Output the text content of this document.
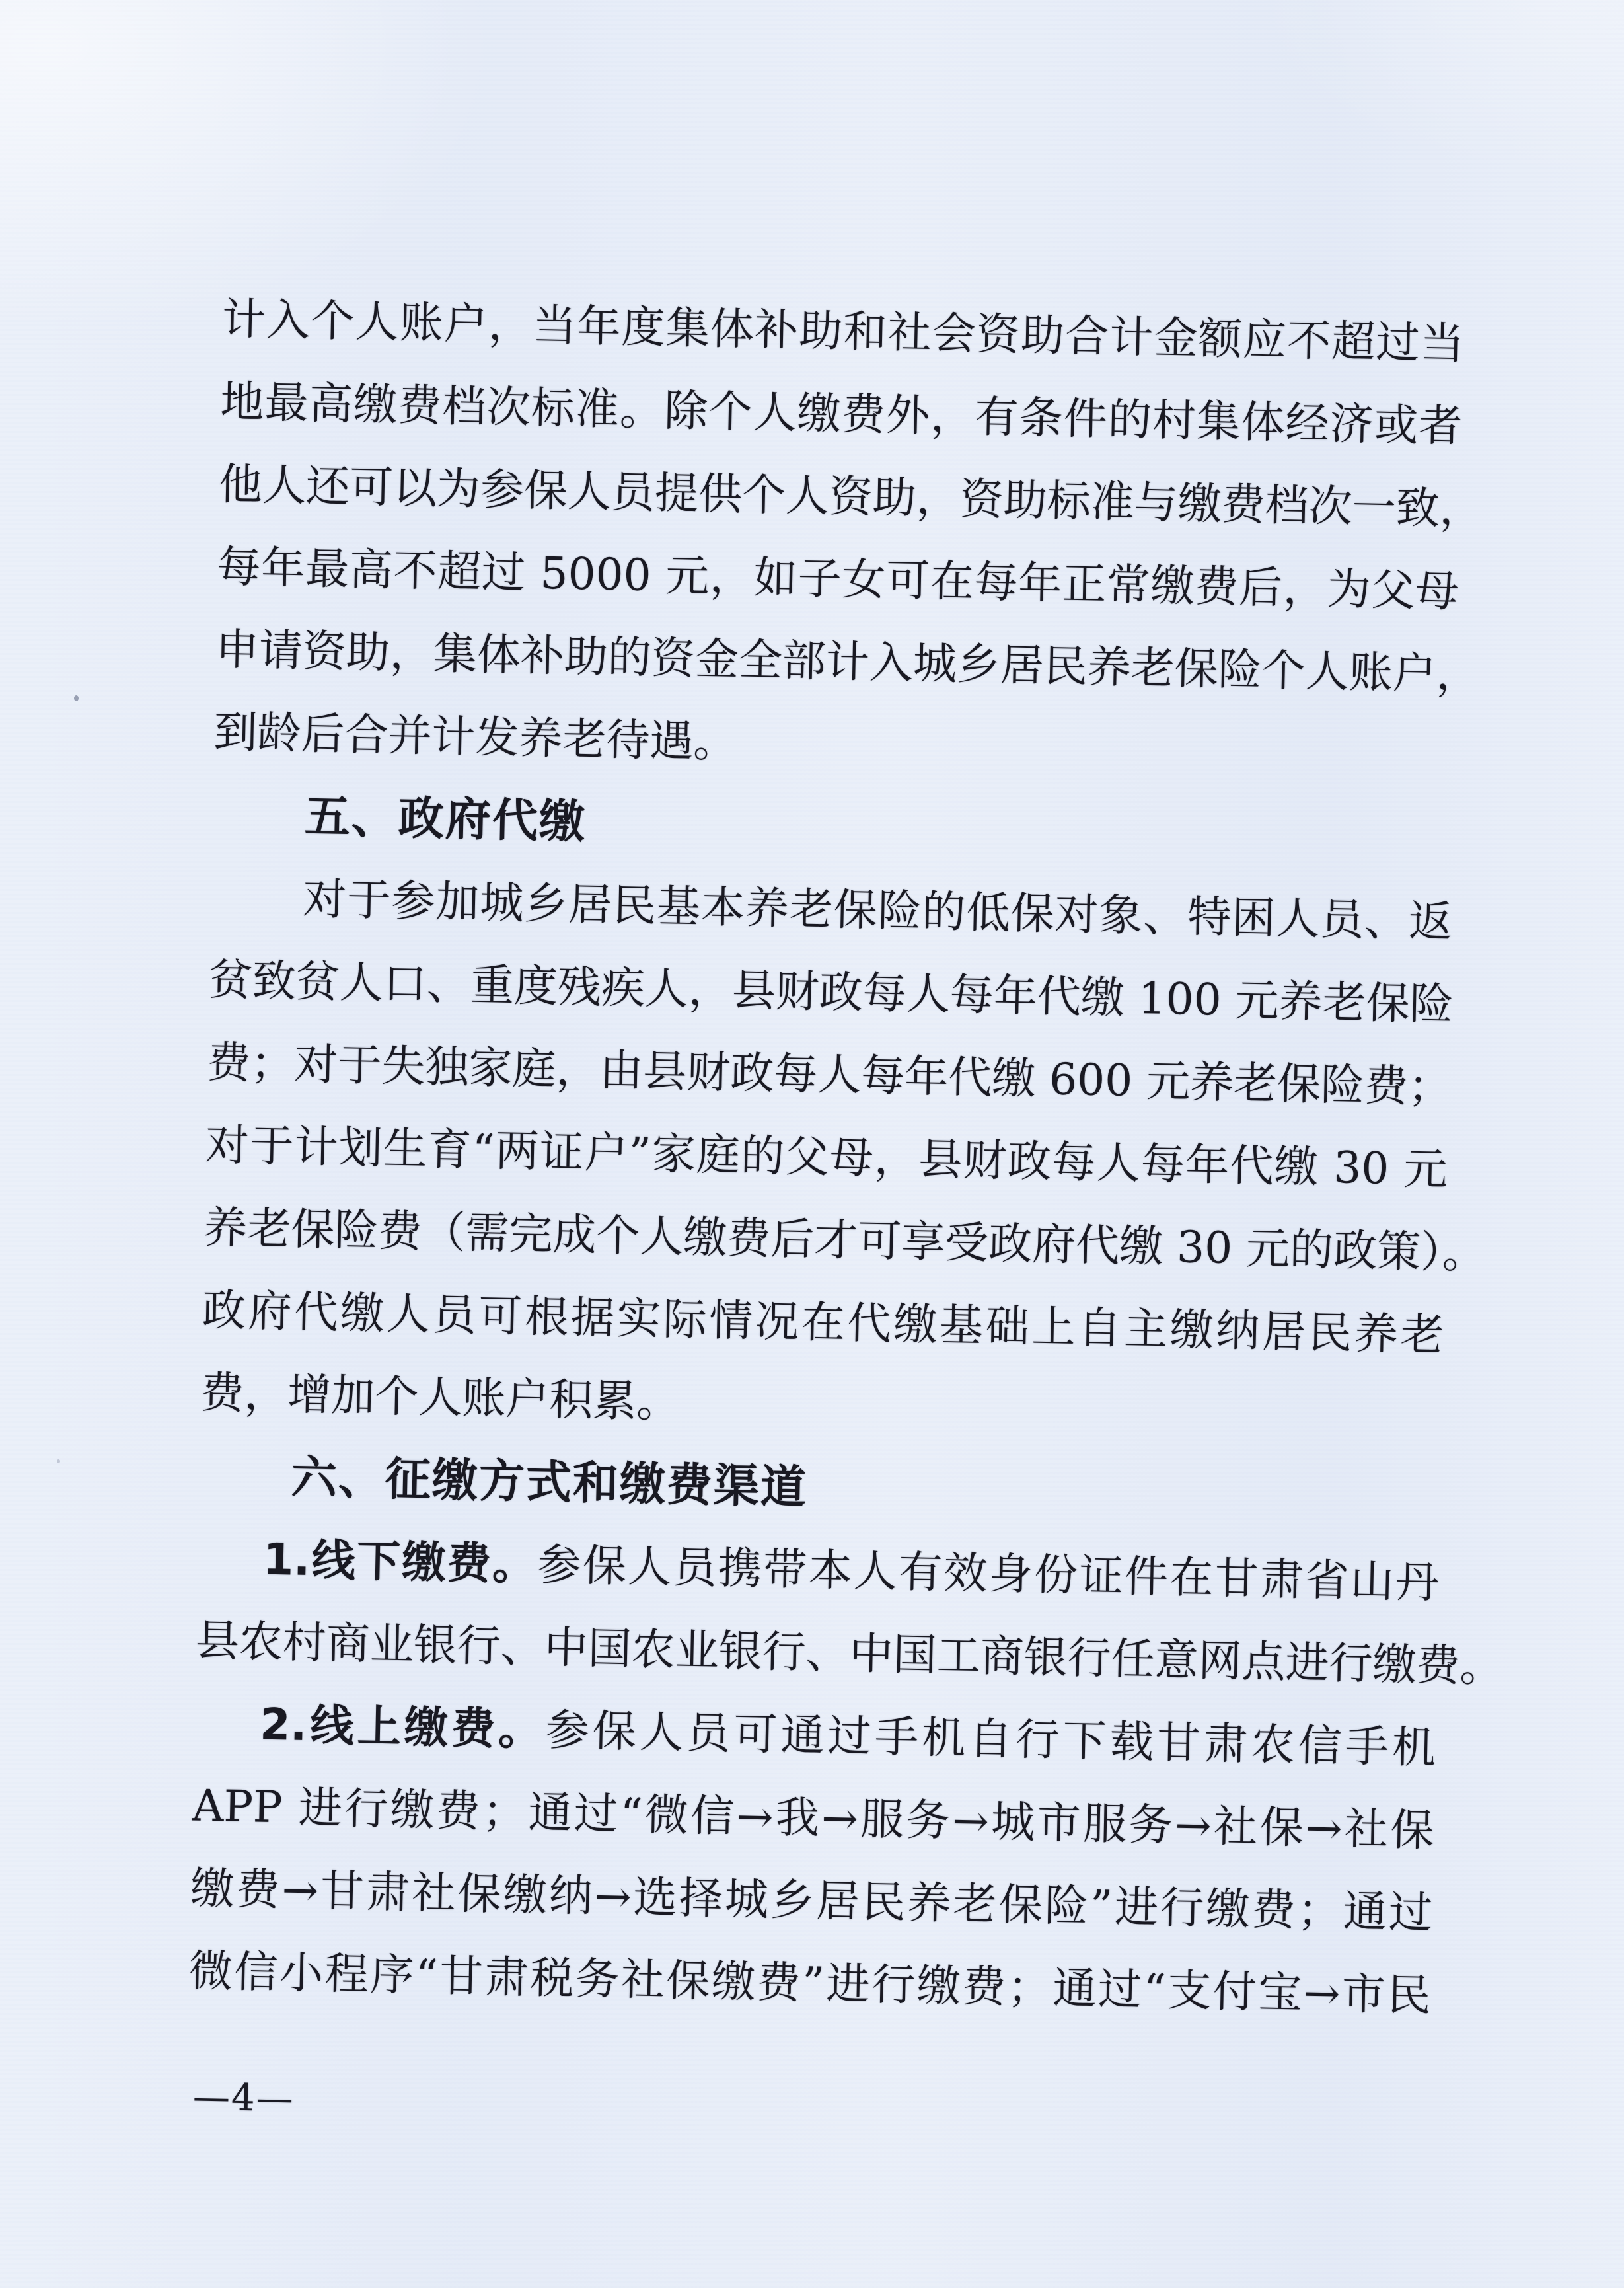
计入个人账户，当年度集体补助和社会资助合计金额应不超过当
地最高缴费档次标准。除个人缴费外，有条件的村集体经济或者
他人还可以为参保人员提供个人资助，资助标准与缴费档次一致，
每年最高不超过 5000 元，如子女可在每年正常缴费后，为父母
申请资助，集体补助的资金全部计入城乡居民养老保险个人账户，
到龄后合并计发养老待遇。
五、政府代缴
对于参加城乡居民基本养老保险的低保对象、特困人员、返
贫致贫人口、重度残疾人，县财政每人每年代缴 100 元养老保险
费；对于失独家庭，由县财政每人每年代缴 600 元养老保险费；
对于计划生育“两证户”家庭的父母，县财政每人每年代缴 30 元
养老保险费（需完成个人缴费后才可享受政府代缴 30 元的政策）。
政府代缴人员可根据实际情况在代缴基础上自主缴纳居民养老
费，增加个人账户积累。
六、征缴方式和缴费渠道
1.线下缴费。参保人员携带本人有效身份证件在甘肃省山丹
县农村商业银行、中国农业银行、中国工商银行任意网点进行缴费。
2.线上缴费。参保人员可通过手机自行下载甘肃农信手机
APP 进行缴费；通过“微信→我→服务→城市服务→社保→社保
缴费→甘肃社保缴纳→选择城乡居民养老保险”进行缴费；通过
微信小程序“甘肃税务社保缴费”进行缴费；通过“支付宝→市民
—4—
